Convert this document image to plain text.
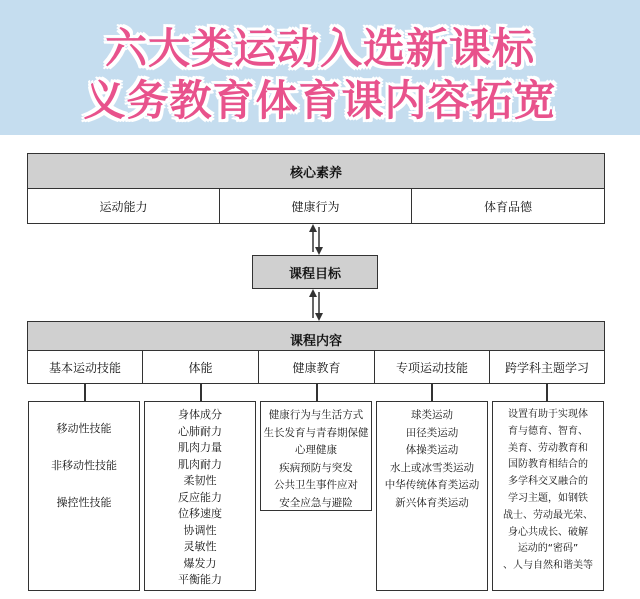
六大类运动入选新课标
义务教育体育课内容拓宽
核心素养
运动能力	健康行为	体育品德
课程目标
课程内容
基本运动技能	体能	健康教育	专项运动技能	跨学科主题学习
移动性技能
非移动性技能
操控性技能
身体成分
心肺耐力
肌肉力量
肌肉耐力
柔韧性
反应能力
位移速度
协调性
灵敏性
爆发力
平衡能力
健康行为与生活方式
生长发育与青春期保健
心理健康
疾病预防与突发
公共卫生事件应对
安全应急与避险
球类运动
田径类运动
体操类运动
水上或冰雪类运动
中华传统体育类运动
新兴体育类运动
设置有助于实现体
育与德育、智育、
美育、劳动教育和
国防教育相结合的
多学科交叉融合的
学习主题，如钢铁
战士、劳动最光荣、
身心共成长、破解
运动的“密码”
、人与自然和谐美等
